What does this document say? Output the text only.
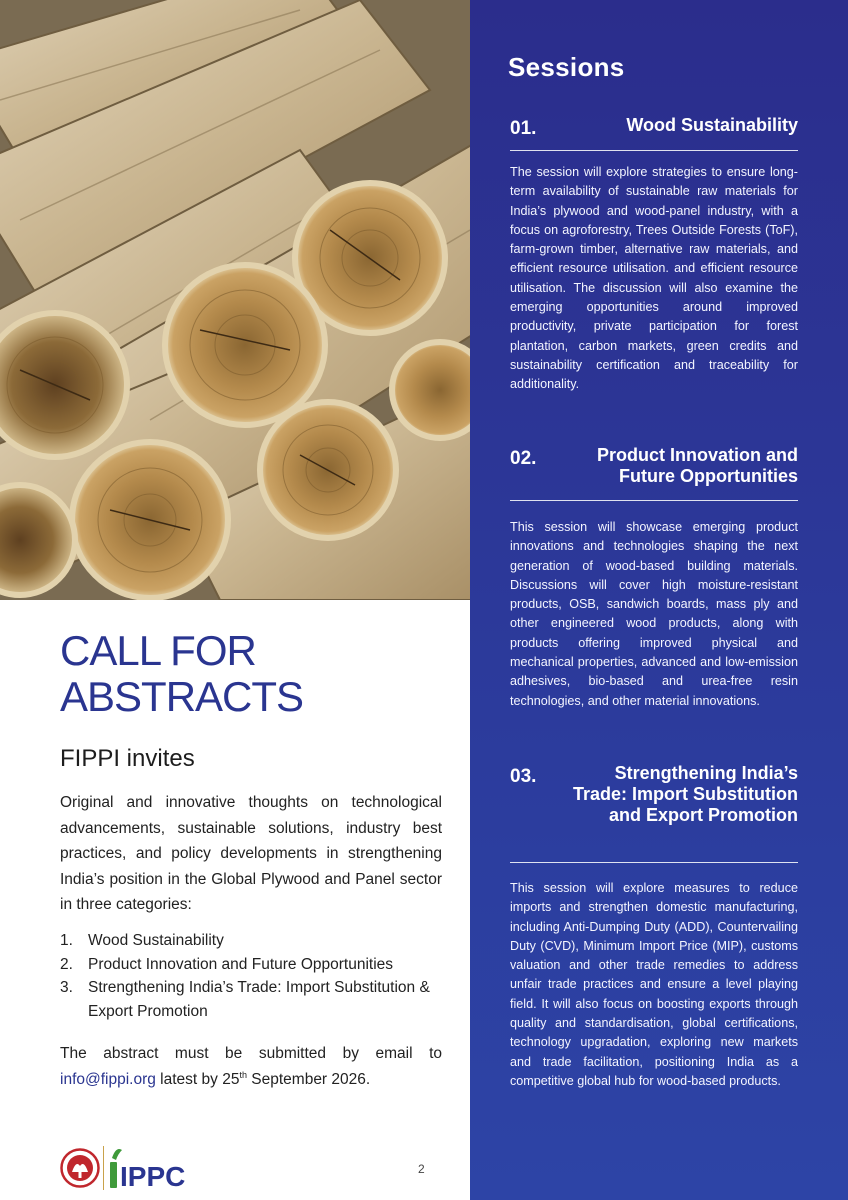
CALL FOR
ABSTRACTS
FIPPI invites

Original and innovative thoughts on technological advancements, sustainable solutions, industry best practices, and policy developments in strengthening India’s position in the Global Plywood and Panel sector in three categories:

1. Wood Sustainability
2. Product Innovation and Future Opportunities
3. Strengthening India’s Trade: Import Substitution & Export Promotion

The abstract must be submitted by email to info@fippi.org latest by 25th September 2026.

IPPC	2
Sessions
01.	Wood Sustainability

The session will explore strategies to ensure long-term availability of sustainable raw materials for India’s plywood and wood-panel industry, with a focus on agroforestry, Trees Outside Forests (ToF), farm-grown timber, alternative raw materials, and efficient resource utilisation. and efficient resource utilisation. The discussion will also examine the emerging opportunities around improved productivity, private participation for forest plantation, carbon markets, green credits and sustainability certification and traceability for additionality.

02.	Product Innovation and Future Opportunities

This session will showcase emerging product innovations and technologies shaping the next generation of wood-based building materials. Discussions will cover high moisture-resistant products, OSB, sandwich boards, mass ply and other engineered wood products, along with products offering improved physical and mechanical properties, advanced and low-emission adhesives, bio-based and urea-free resin technologies, and other material innovations.

03.	Strengthening India’s Trade: Import Substitution and Export Promotion

This session will explore measures to reduce imports and strengthen domestic manufacturing, including Anti-Dumping Duty (ADD), Countervailing Duty (CVD), Minimum Import Price (MIP), customs valuation and other trade remedies to address unfair trade practices and ensure a level playing field. It will also focus on boosting exports through quality and standardisation, global certifications, technology upgradation, exploring new markets and trade facilitation, positioning India as a competitive global hub for wood-based products.
